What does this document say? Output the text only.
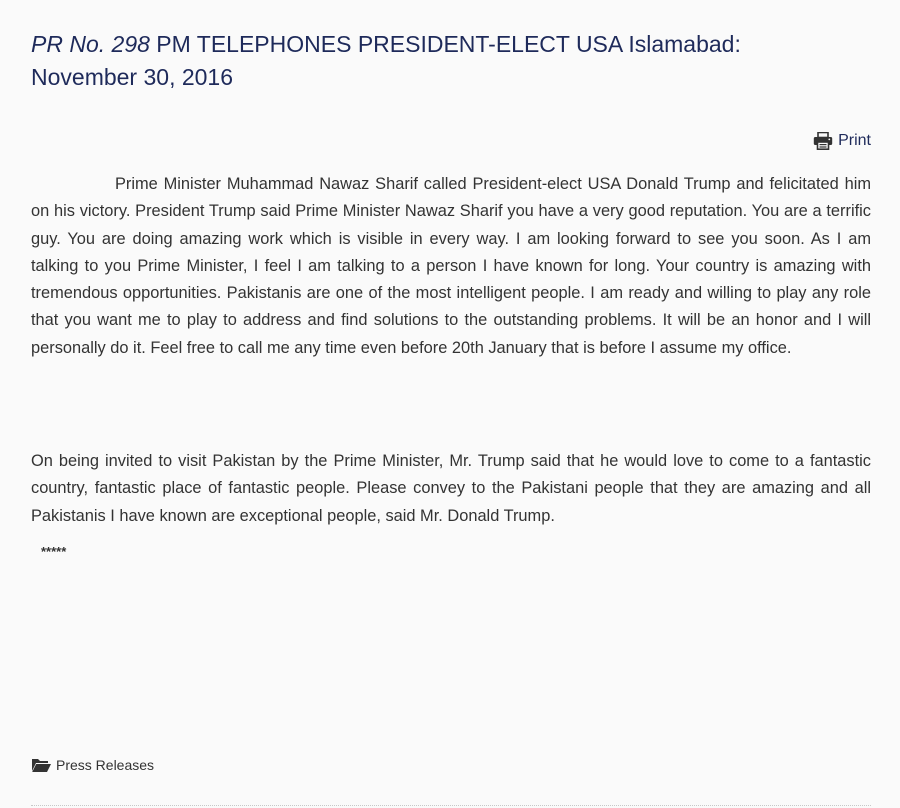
PR No. 298 PM TELEPHONES PRESIDENT-ELECT USA Islamabad: November 30, 2016
Print

Prime Minister Muhammad Nawaz Sharif called President-elect USA Donald Trump and felicitated him on his victory. President Trump said Prime Minister Nawaz Sharif you have a very good reputation. You are a terrific guy. You are doing amazing work which is visible in every way. I am looking forward to see you soon. As I am talking to you Prime Minister, I feel I am talking to a person I have known for long. Your country is amazing with tremendous opportunities. Pakistanis are one of the most intelligent people. I am ready and willing to play any role that you want me to play to address and find solutions to the outstanding problems. It will be an honor and I will personally do it. Feel free to call me any time even before 20th January that is before I assume my office.

On being invited to visit Pakistan by the Prime Minister, Mr. Trump said that he would love to come to a fantastic country, fantastic place of fantastic people. Please convey to the Pakistani people that they are amazing and all Pakistanis I have known are exceptional people, said Mr. Donald Trump.

*****
Press Releases
